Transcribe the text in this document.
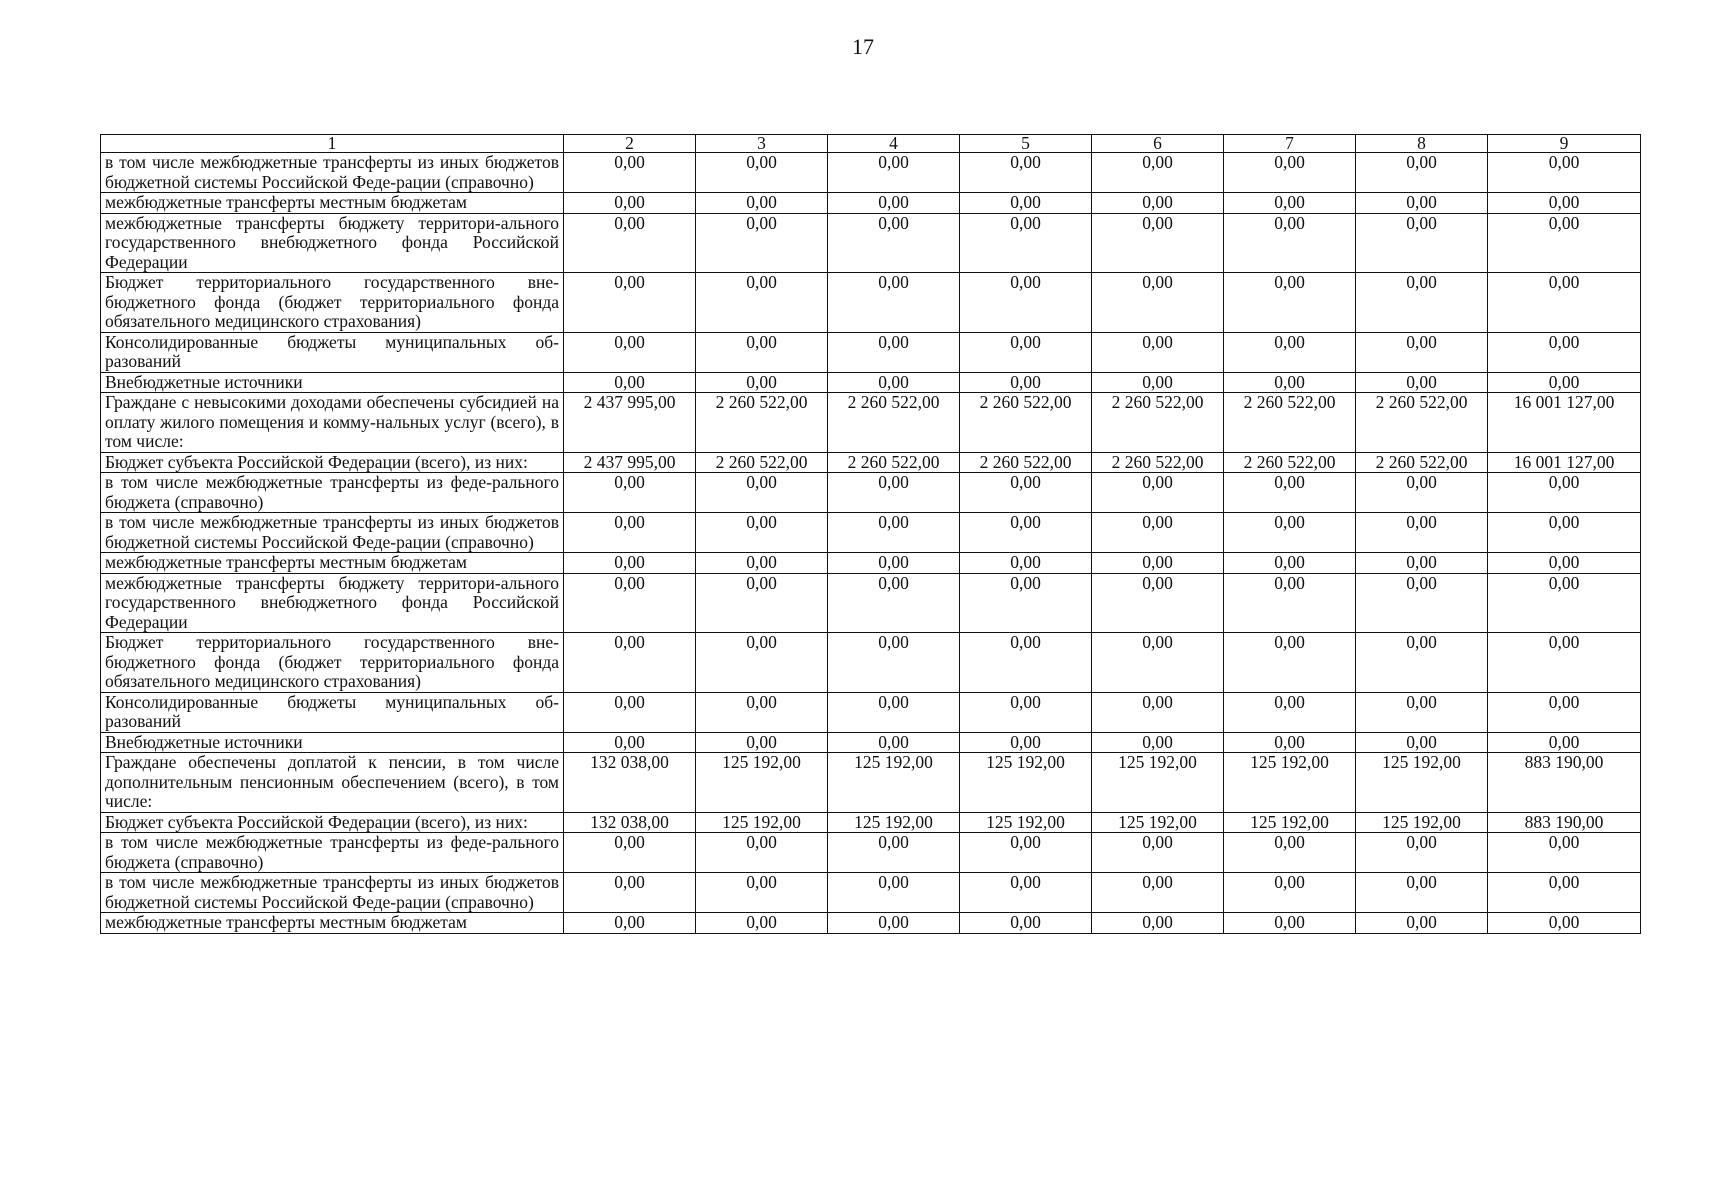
17
1	2	3	4	5	6	7	8	9
в том числе межбюджетные трансферты из иных бюджетов бюджетной системы Российской Феде-рации (справочно)	0,00	0,00	0,00	0,00	0,00	0,00	0,00	0,00
межбюджетные трансферты местным бюджетам	0,00	0,00	0,00	0,00	0,00	0,00	0,00	0,00
межбюджетные трансферты бюджету территори-ального государственного внебюджетного фонда Российской Федерации	0,00	0,00	0,00	0,00	0,00	0,00	0,00	0,00
Бюджет территориального государственного вне-бюджетного фонда (бюджет территориального фонда обязательного медицинского страхования)	0,00	0,00	0,00	0,00	0,00	0,00	0,00	0,00
Консолидированные бюджеты муниципальных об-разований	0,00	0,00	0,00	0,00	0,00	0,00	0,00	0,00
Внебюджетные источники	0,00	0,00	0,00	0,00	0,00	0,00	0,00	0,00
Граждане с невысокими доходами обеспечены субсидией на оплату жилого помещения и комму-нальных услуг (всего), в том числе:	2 437 995,00	2 260 522,00	2 260 522,00	2 260 522,00	2 260 522,00	2 260 522,00	2 260 522,00	16 001 127,00
Бюджет субъекта Российской Федерации (всего), из них:	2 437 995,00	2 260 522,00	2 260 522,00	2 260 522,00	2 260 522,00	2 260 522,00	2 260 522,00	16 001 127,00
в том числе межбюджетные трансферты из феде-рального бюджета (справочно)	0,00	0,00	0,00	0,00	0,00	0,00	0,00	0,00
в том числе межбюджетные трансферты из иных бюджетов бюджетной системы Российской Феде-рации (справочно)	0,00	0,00	0,00	0,00	0,00	0,00	0,00	0,00
межбюджетные трансферты местным бюджетам	0,00	0,00	0,00	0,00	0,00	0,00	0,00	0,00
межбюджетные трансферты бюджету территори-ального государственного внебюджетного фонда Российской Федерации	0,00	0,00	0,00	0,00	0,00	0,00	0,00	0,00
Бюджет территориального государственного вне-бюджетного фонда (бюджет территориального фонда обязательного медицинского страхования)	0,00	0,00	0,00	0,00	0,00	0,00	0,00	0,00
Консолидированные бюджеты муниципальных об-разований	0,00	0,00	0,00	0,00	0,00	0,00	0,00	0,00
Внебюджетные источники	0,00	0,00	0,00	0,00	0,00	0,00	0,00	0,00
Граждане обеспечены доплатой к пенсии, в том числе дополнительным пенсионным обеспечением (всего), в том числе:	132 038,00	125 192,00	125 192,00	125 192,00	125 192,00	125 192,00	125 192,00	883 190,00
Бюджет субъекта Российской Федерации (всего), из них:	132 038,00	125 192,00	125 192,00	125 192,00	125 192,00	125 192,00	125 192,00	883 190,00
в том числе межбюджетные трансферты из феде-рального бюджета (справочно)	0,00	0,00	0,00	0,00	0,00	0,00	0,00	0,00
в том числе межбюджетные трансферты из иных бюджетов бюджетной системы Российской Феде-рации (справочно)	0,00	0,00	0,00	0,00	0,00	0,00	0,00	0,00
межбюджетные трансферты местным бюджетам	0,00	0,00	0,00	0,00	0,00	0,00	0,00	0,00
